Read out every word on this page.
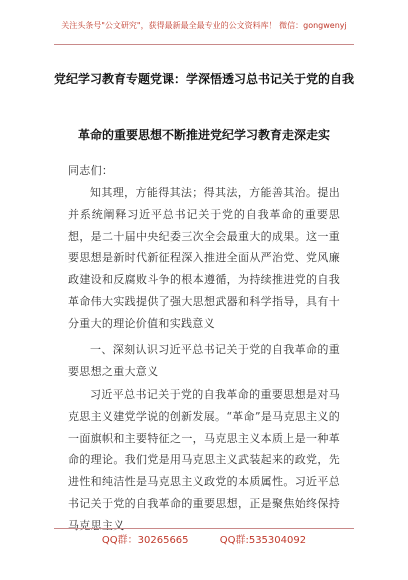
关注头条号"公文研究"，获得最新最全最专业的公文资料库！ 微信：gongwenyj
党纪学习教育专题党课：学深悟透习总书记关于党的自我
革命的重要思想不断推进党纪学习教育走深走实
同志们：
知其理，方能得其法；得其法，方能善其治。提出并系统阐释习近平总书记关于党的自我革命的重要思想，是二十届中央纪委三次全会最重大的成果。这一重要思想是新时代新征程深入推进全面从严治党、党风廉政建设和反腐败斗争的根本遵循，为持续推进党的自我革命伟大实践提供了强大思想武器和科学指导，具有十分重大的理论价值和实践意义
一、深刻认识习近平总书记关于党的自我革命的重要思想之重大意义
习近平总书记关于党的自我革命的重要思想是对马克思主义建党学说的创新发展。“革命”是马克思主义的一面旗帜和主要特征之一，马克思主义本质上是一种革命的理论。我们党是用马克思主义武装起来的政党，先进性和纯洁性是马克思主义政党的本质属性。习近平总书记关于党的自我革命的重要思想，正是聚焦始终保持马克思主义
QQ群：30265665	QQ群:535304092
